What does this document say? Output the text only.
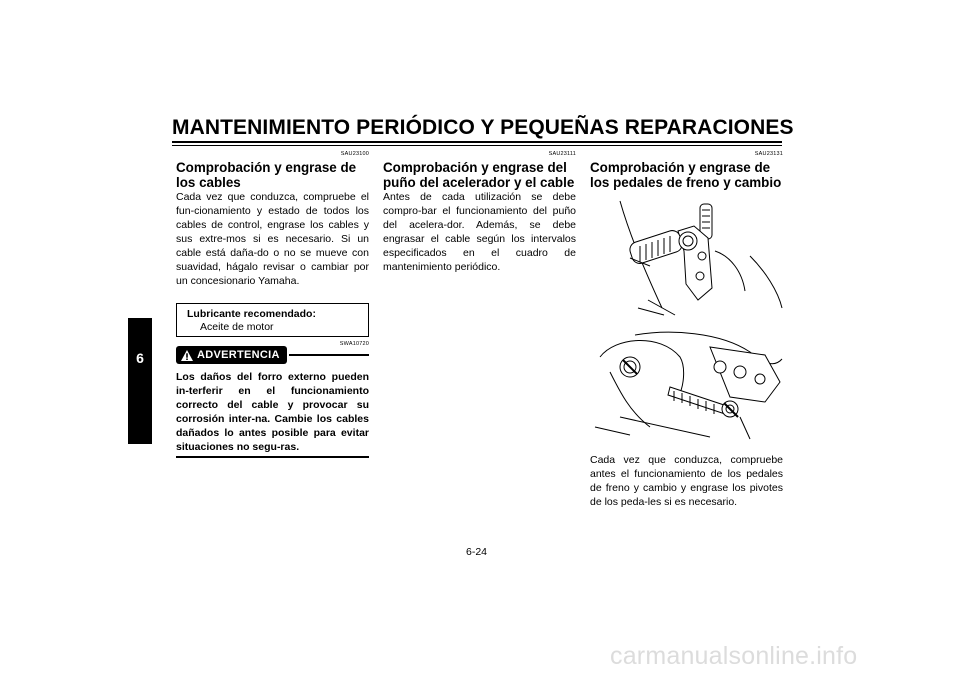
MANTENIMIENTO PERIÓDICO Y PEQUEÑAS REPARACIONES
6
SAU23100
Comprobación y engrase de los cables

Cada vez que conduzca, compruebe el fun-cionamiento y estado de todos los cables de control, engrase los cables y sus extre-mos si es necesario. Si un cable está daña-do o no se mueve con suavidad, hágalo revisar o cambiar por un concesionario Yamaha.

Lubricante recomendado:
Aceite de motor
ADVERTENCIA
SWA10720

Los daños del forro externo pueden in-terferir en el funcionamiento correcto del cable y provocar su corrosión inter-na. Cambie los cables dañados lo antes posible para evitar situaciones no segu-ras.

SAU23111
Comprobación y engrase del puño del acelerador y el cable

Antes de cada utilización se debe compro-bar el funcionamiento del puño del acelera-dor. Además, se debe engrasar el cable según los intervalos especificados en el cuadro de mantenimiento periódico.

SAU23131
Comprobación y engrase de los pedales de freno y cambio

Cada vez que conduzca, compruebe antes el funcionamiento de los pedales de freno y cambio y engrase los pivotes de los peda-les si es necesario.

6-24
carmanualsonline.info
